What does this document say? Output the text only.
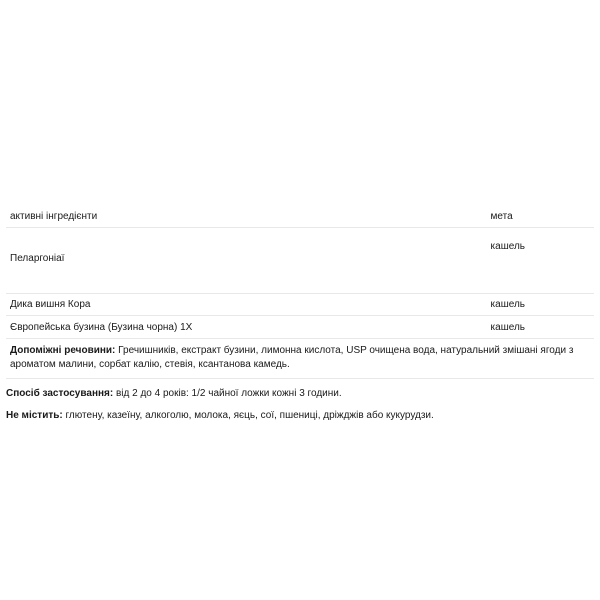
активні інгредієнти	мета
Пеларгоніаї	кашель
Дика вишня Кора	кашель
Європейська бузина (Бузина чорна) 1X	кашель
Допоміжні речовини: Гречишників, екстракт бузини, лимонна кислота, USP очищена вода, натуральний змішані ягоди з ароматом малини, сорбат калію, стевія, ксантанова камедь.	

Спосіб застосування: від 2 до 4 років: 1/2 чайної ложки кожні 3 години.

Не містить: глютену, казеїну, алкоголю, молока, яєць, сої, пшениці, дріжджів або кукурудзи.
